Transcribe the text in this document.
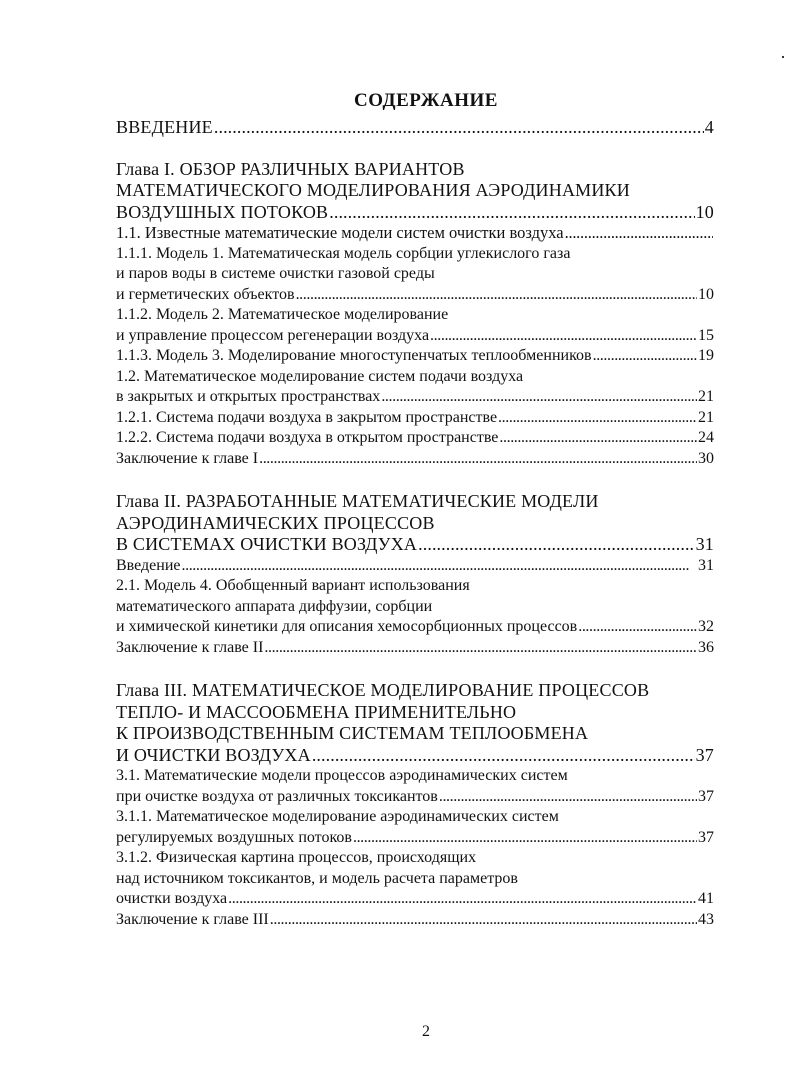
·
СОДЕРЖАНИЕ
ВВЕДЕНИЕ . . .	4
Глава I. ОБЗОР РАЗЛИЧНЫХ ВАРИАНТОВ
МАТЕМАТИЧЕСКОГО МОДЕЛИРОВАНИЯ АЭРОДИНАМИКИ
ВОЗДУШНЫХ ПОТОКОВ . . .	10
1.1. Известные математические модели систем очистки воздуха
. . .
1.1.1. Модель 1. Математическая модель сорбции углекислого газа
и паров воды в системе очистки газовой среды
и герметических объектов . . .	10
1.1.2. Модель 2. Математическое моделирование
и управление процессом регенерации воздуха . . .	15
1.1.3. Модель 3. Моделирование многоступенчатых теплообменников . . .	19
1.2. Математическое моделирование систем подачи воздуха
в закрытых и открытых пространствах . . .	21
1.2.1. Система подачи воздуха в закрытом пространстве . . .	21
1.2.2. Система подачи воздуха в открытом пространстве . . .	24
Заключение к главе I . . .	30
Глава II. РАЗРАБОТАННЫЕ МАТЕМАТИЧЕСКИЕ МОДЕЛИ
АЭРОДИНАМИЧЕСКИХ ПРОЦЕССОВ
В СИСТЕМАХ ОЧИСТКИ ВОЗДУХА . . .	31
Введение . . .	31
2.1. Модель 4. Обобщенный вариант использования
математического аппарата диффузии, сорбции
и химической кинетики для описания хемосорбционных процессов . . .	32
Заключение к главе II . . .	36
Глава III. МАТЕМАТИЧЕСКОЕ МОДЕЛИРОВАНИЕ ПРОЦЕССОВ
ТЕПЛО- И МАССООБМЕНА ПРИМЕНИТЕЛЬНО
К ПРОИЗВОДСТВЕННЫМ СИСТЕМАМ ТЕПЛООБМЕНА
И ОЧИСТКИ ВОЗДУХА . . .	37
3.1. Математические модели процессов аэродинамических систем
при очистке воздуха от различных токсикантов . . .	37
3.1.1. Математическое моделирование аэродинамических систем
регулируемых воздушных потоков . . .	37
3.1.2. Физическая картина процессов, происходящих
над источником токсикантов, и модель расчета параметров
очистки воздуха . . .	41
Заключение к главе III . . .	43
2
